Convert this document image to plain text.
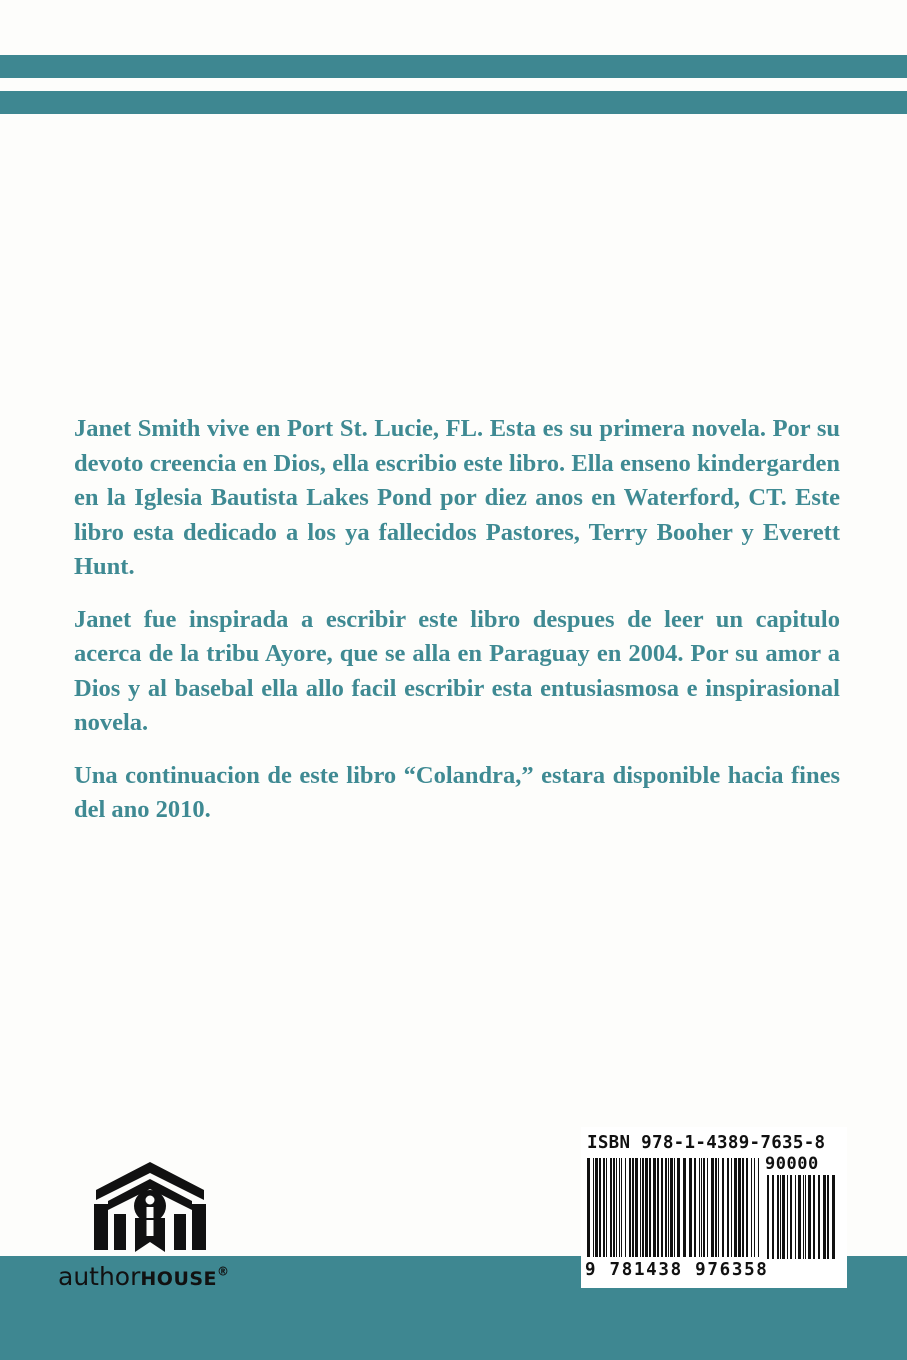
Janet Smith vive en Port St. Lucie, FL. Esta es su primera novela. Por su devoto creencia en Dios, ella escribio este libro. Ella enseno kindergarden en la Iglesia Bautista Lakes Pond por diez anos en Waterford, CT. Este libro esta dedicado a los ya fallecidos Pastores, Terry Booher y Everett Hunt.

Janet fue inspirada a escribir este libro despues de leer un capitulo acerca de la tribu Ayore, que se alla en Paraguay en 2004. Por su amor a Dios y al basebal ella allo facil escribir esta entusiasmosa e inspirasional novela.

Una continuacion de este libro “Colandra,” estara disponible hacia fines del ano 2010.

authorHOUSE®
ISBN 978-1-4389-7635-8
90000
9 781438 976358
